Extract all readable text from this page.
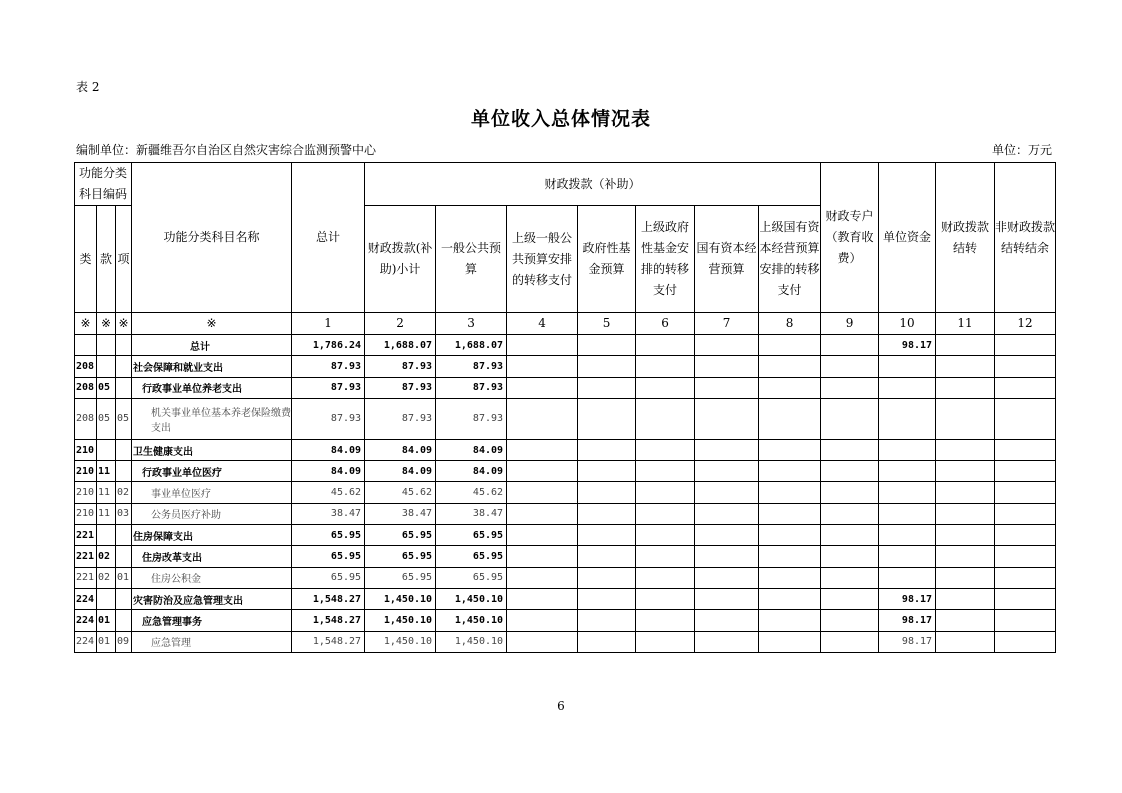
表 2
单位收入总体情况表
编制单位：新疆维吾尔自治区自然灾害综合监测预警中心	单位：万元
功能分类科目编码			功能分类科目名称	总计	财政拨款（补助）							财政专户（教育收费）	单位资金	财政拨款结转	非财政拨款结转结余
类	款	项			财政拨款(补助)小计	一般公共预算	上级一般公共预算安排的转移支付	政府性基金预算	上级政府性基金安排的转移支付	国有资本经营预算	上级国有资本经营预算安排的转移支付				
※	※	※	※	1	2	3	4	5	6	7	8	9	10	11	12
			总计	1,786.24	1,688.07	1,688.07							98.17		
208			社会保障和就业支出	87.93	87.93	87.93									
208	05		行政事业单位养老支出	87.93	87.93	87.93									
208	05	05	机关事业单位基本养老保险缴费支出	87.93	87.93	87.93									
210			卫生健康支出	84.09	84.09	84.09									
210	11		行政事业单位医疗	84.09	84.09	84.09									
210	11	02	事业单位医疗	45.62	45.62	45.62									
210	11	03	公务员医疗补助	38.47	38.47	38.47									
221			住房保障支出	65.95	65.95	65.95									
221	02		住房改革支出	65.95	65.95	65.95									
221	02	01	住房公积金	65.95	65.95	65.95									
224			灾害防治及应急管理支出	1,548.27	1,450.10	1,450.10							98.17		
224	01		应急管理事务	1,548.27	1,450.10	1,450.10							98.17		
224	01	09	应急管理	1,548.27	1,450.10	1,450.10							98.17		
6
